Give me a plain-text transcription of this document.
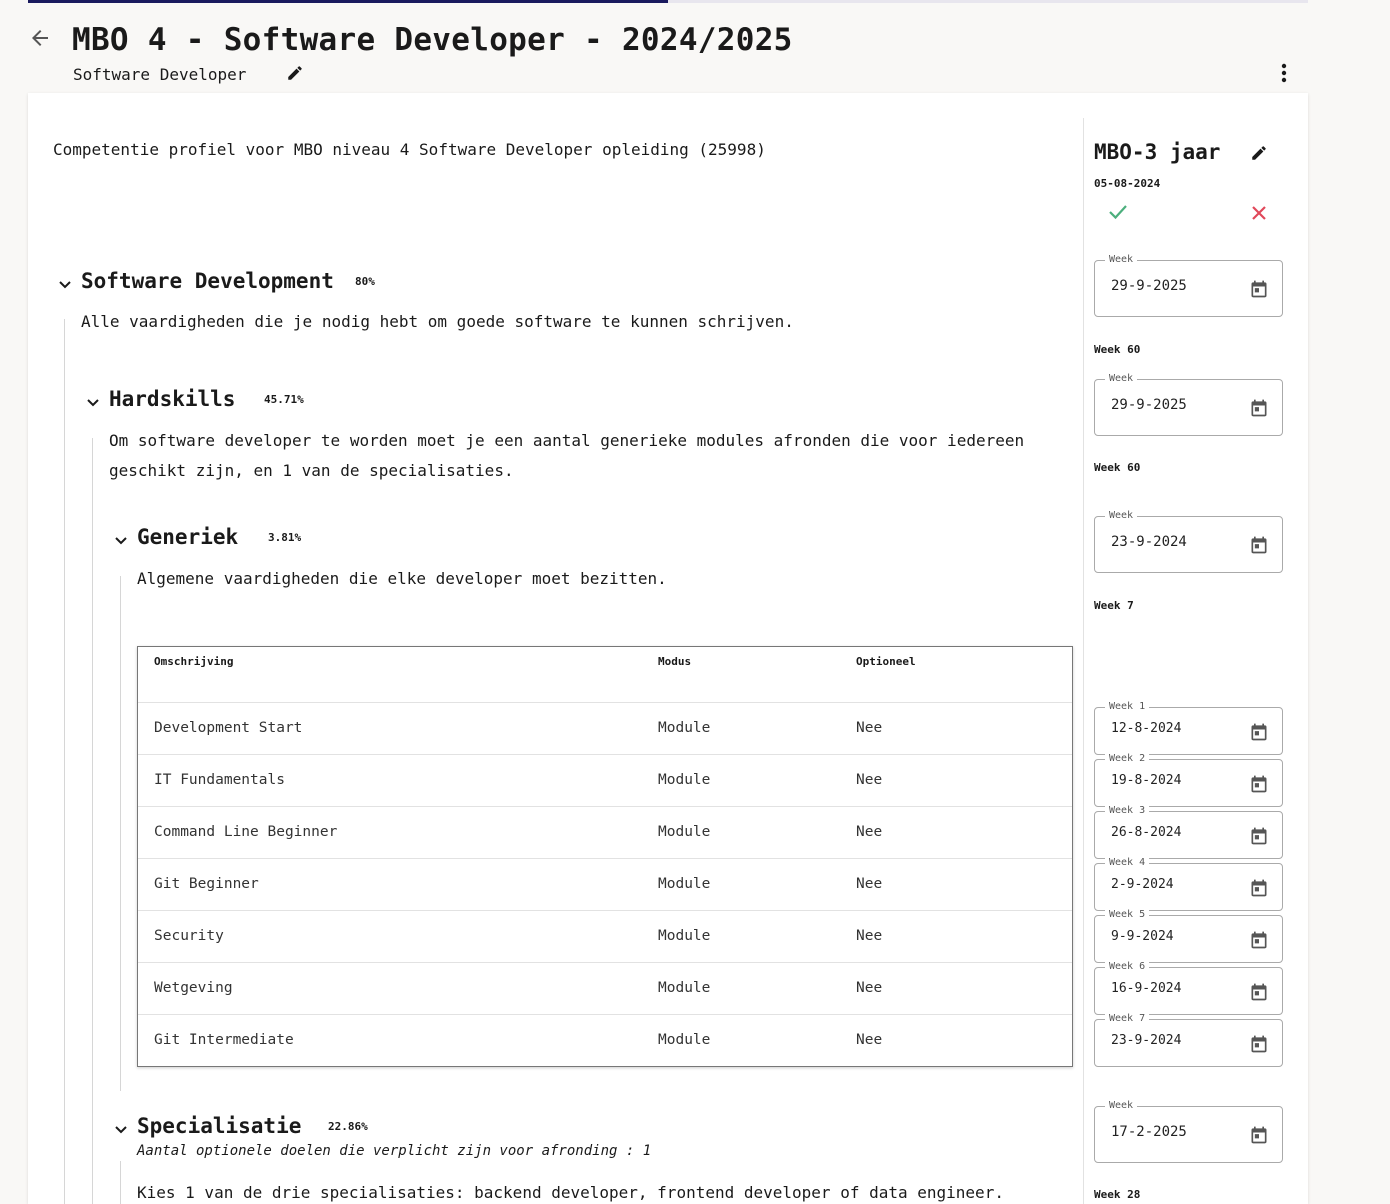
MBO 4 - Software Developer - 2024/2025
Software Developer
Competentie profiel voor MBO niveau 4 Software Developer opleiding (25998)
Software Development 80%
Alle vaardigheden die je nodig hebt om goede software te kunnen schrijven.
Hardskills	45.71%
Om software developer te worden moet je een aantal generieke modules afronden die voor iedereen
geschikt zijn, en 1 van de specialisaties.
Generiek	3.81%
Algemene vaardigheden die elke developer moet bezitten.
Omschrijving	Modus	Optioneel
Development Start	Module	Nee
IT Fundamentals	Module	Nee
Command Line Beginner	Module	Nee
Git Beginner	Module	Nee
Security	Module	Nee
Wetgeving	Module	Nee
Git Intermediate	Module	Nee
Specialisatie 22.86%
Aantal optionele doelen die verplicht zijn voor afronding : 1
Kies 1 van de drie specialisaties: backend developer, frontend developer of data engineer.
MBO-3 jaar
05-08-2024
Week
29-9-2025
Week 60
Week
29-9-2025
Week 60
Week
23-9-2024
Week 7
Week 1
12-8-2024
Week 2
19-8-2024
Week 3
26-8-2024
Week 4
2-9-2024
Week 5
9-9-2024
Week 6
16-9-2024
Week 7
23-9-2024
Week
17-2-2025
Week 28
